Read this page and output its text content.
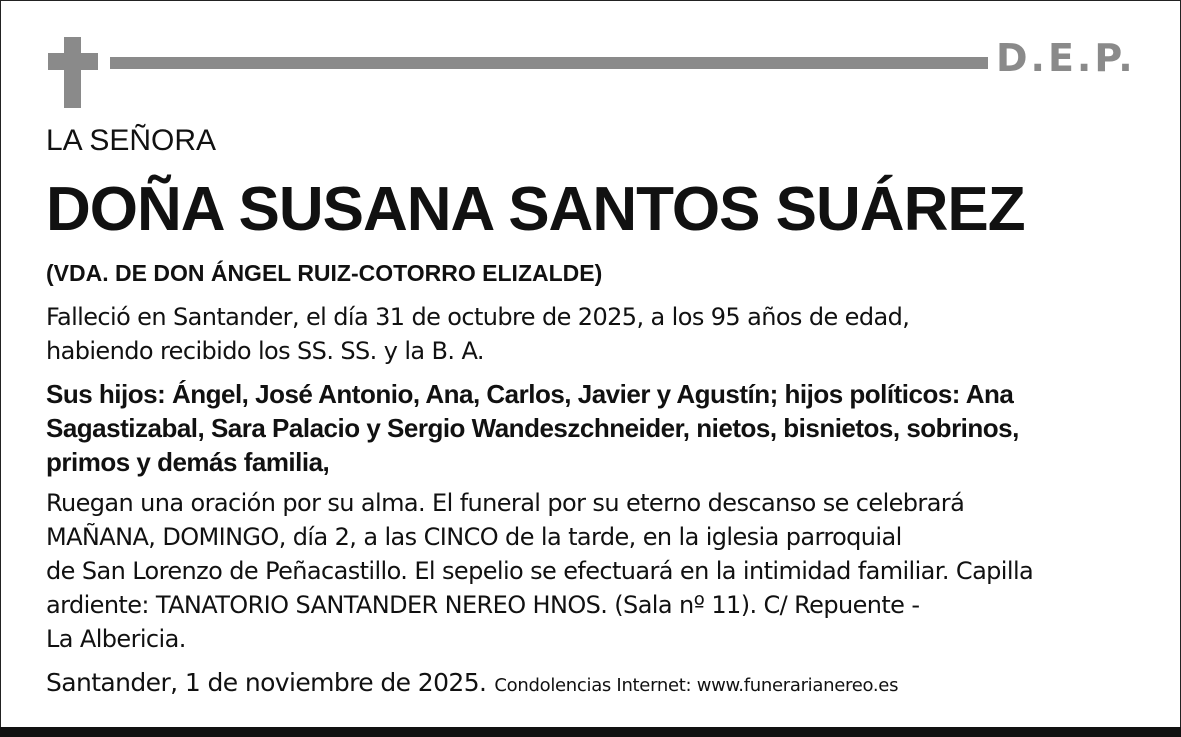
D.E.P.
LA SEÑORA
DOÑA SUSANA SANTOS SUÁREZ
(VDA. DE DON ÁNGEL RUIZ-COTORRO ELIZALDE)
Falleció en Santander, el día 31 de octubre de 2025, a los 95 años de edad,
habiendo recibido los SS. SS. y la B. A.
Sus hijos: Ángel, José Antonio, Ana, Carlos, Javier y Agustín; hijos políticos: Ana
Sagastizabal, Sara Palacio y Sergio Wandeszchneider, nietos, bisnietos, sobrinos,
primos y demás familia,
Ruegan una oración por su alma. El funeral por su eterno descanso se celebrará
MAÑANA, DOMINGO, día 2, a las CINCO de la tarde, en la iglesia parroquial
de San Lorenzo de Peñacastillo. El sepelio se efectuará en la intimidad familiar. Capilla
ardiente: TANATORIO SANTANDER NEREO HNOS. (Sala nº 11). C/ Repuente -
La Albericia.
Santander, 1 de noviembre de 2025. Condolencias Internet: www.funerarianereo.es
